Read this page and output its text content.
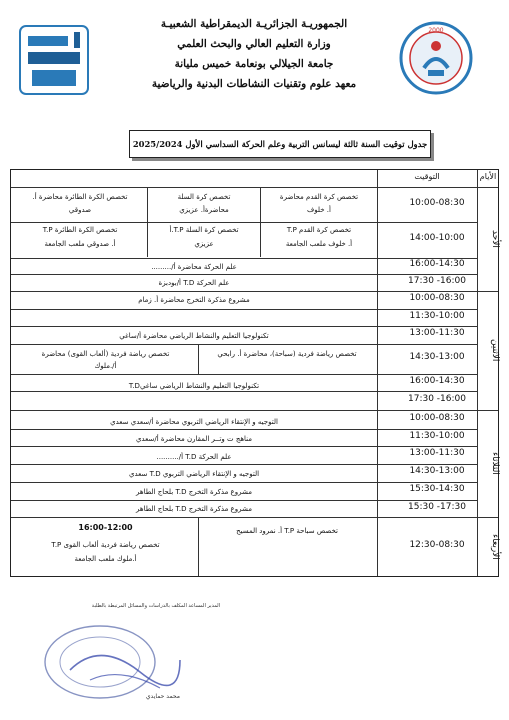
الجمهوريـة الجزائريـة الديمقراطية الشعبيـة
وزارة التعليم العالي والبحث العلمي
جامعة الجيلالي بونعامة خميس مليانة
معهد علوم وتقنيات النشاطات البدنية والرياضية
2000
جدول توقيت السنة ثالثة ليسانس التربية وعلم الحركة السداسي الأول 2025/2024
الأيام
التوقيت
تخصص كرة القدم محاضرة
أ. خلوف
تخصص كرة السلة
محاضرةأ. عزيزي
تخصص الكرة الطائرة محاضرة أ.
صدوقي
تخصص كرة القدم T.P
أ. خلوف ملعب الجامعة
تخصص كرة السلة T.P.أ
عزيزي
تخصص الكرة الطائرة T.P
أ. صدوقي ملعب الجامعة
علم الحركة محاضرة أ/.........
علم الحركة T.D أ/بودبزة
مشروع مذكرة التخرج محاضرة أ. زمام
تكنولوجيا التعليم والنشاط الرياضي محاضرة أ/ساغي
تخصص رياضة فردية (سباحة)، محاضرة أ. رابحي
تخصص رياضة فردية (ألعاب القوى) محاضرة
أ/.ملوك
تكنولوجيا التعليم والنشاط الرياضي ساغيT.D
التوجيه و الإنتقاء الرياضي التربوي محاضرة أ/سعدي سعدي
مناهج ت وتــر المقارن محاضرة أ/سعدي
علم الحركة T.D أ/..........
التوجيه و الإنتقاء الرياضي التربوي T.D سعدي
مشروع مذكرة التخرج T.D بلحاج الطاهر
مشروع مذكرة التخرج T.D بلحاج الطاهر
تخصص سباحة T.P أ. نمرود المسيح
16:00-12:00
تخصص رياضة فردية ألعاب القوى T.P
أ.ملوك ملعب الجامعة
10:00-08:30
14:00-10:00
16:00-14:30
17:30 -16:00
10:00-08:30
11:30-10:00
13:00-11:30
14:30-13:00
16:00-14:30
17:30 -16:00
10:00-08:30
11:30-10:00
13:00-11:30
14:30-13:00
15:30-14:30
15:30 -17:30
12:30-08:30
الأحد
الاثنين
الثلاثاء
الأربعاء
المدير المساعد المكلف بالدراسات والمسائل المرتبطة بالطلبة
محمد حمايدي
